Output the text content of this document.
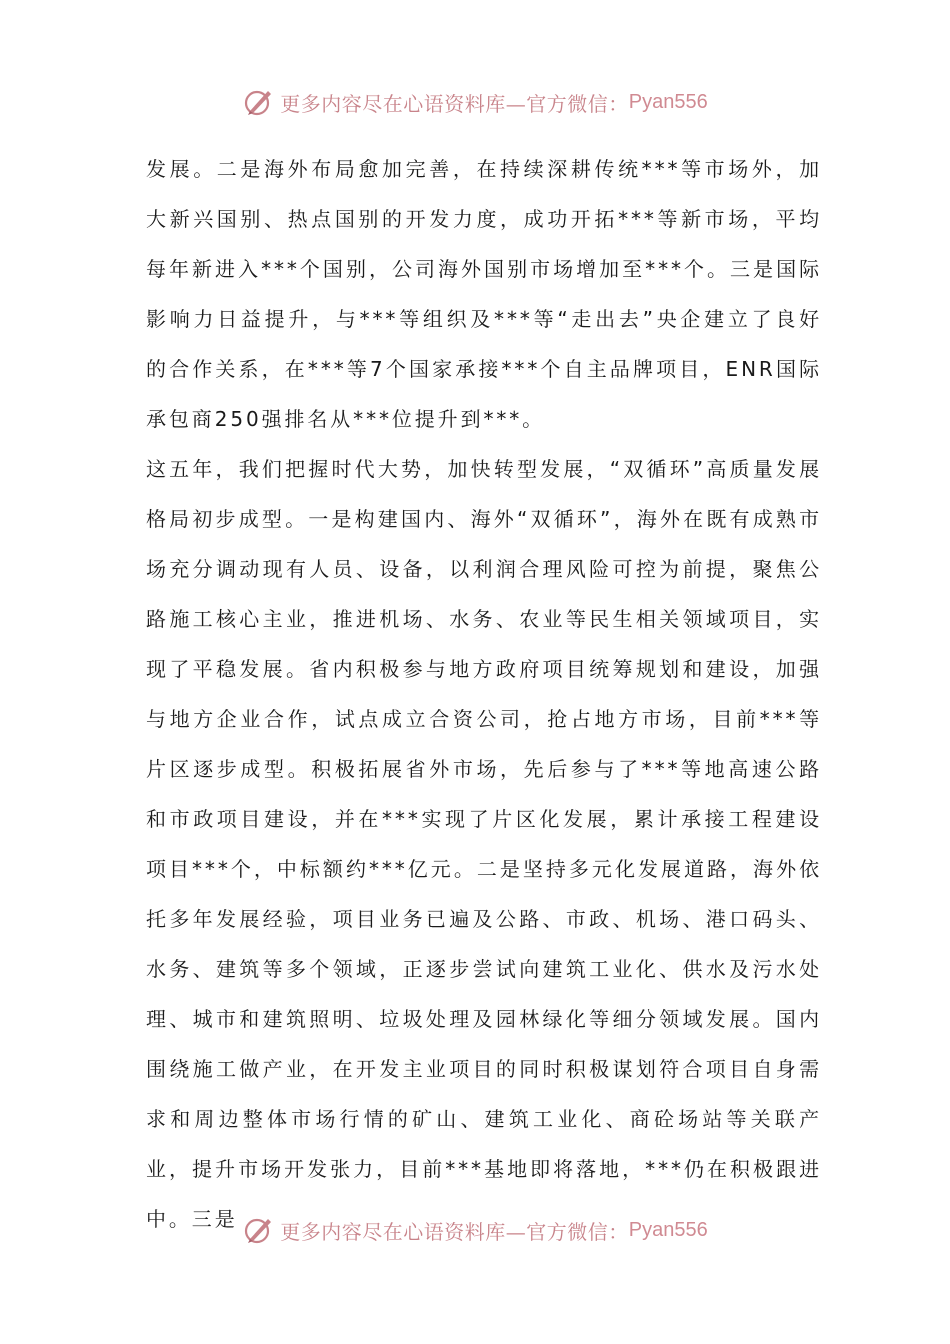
更多内容尽在心语资料库—官方微信： Pyan556

发展。二是海外布局愈加完善，在持续深耕传统***等市场外，加大新兴国别、热点国别的开发力度，成功开拓***等新市场，平均每年新进入***个国别，公司海外国别市场增加至***个。三是国际影响力日益提升，与***等组织及***等“走出去”央企建立了良好的合作关系，在***等7个国家承接***个自主品牌项目，ENR国际承包商250强排名从***位提升到***。

这五年，我们把握时代大势，加快转型发展，“双循环”高质量发展格局初步成型。一是构建国内、海外“双循环”，海外在既有成熟市场充分调动现有人员、设备，以利润合理风险可控为前提，聚焦公路施工核心主业，推进机场、水务、农业等民生相关领域项目，实现了平稳发展。省内积极参与地方政府项目统筹规划和建设，加强与地方企业合作，试点成立合资公司，抢占地方市场，目前***等片区逐步成型。积极拓展省外市场，先后参与了***等地高速公路和市政项目建设，并在***实现了片区化发展，累计承接工程建设项目***个，中标额约***亿元。二是坚持多元化发展道路，海外依托多年发展经验，项目业务已遍及公路、市政、机场、港口码头、水务、建筑等多个领域，正逐步尝试向建筑工业化、供水及污水处理、城市和建筑照明、垃圾处理及园林绿化等细分领域发展。国内围绕施工做产业，在开发主业项目的同时积极谋划符合项目自身需求和周边整体市场行情的矿山、建筑工业化、商砼场站等关联产业，提升市场开发张力，目前***基地即将落地，***仍在积极跟进中。三是

更多内容尽在心语资料库—官方微信： Pyan556
